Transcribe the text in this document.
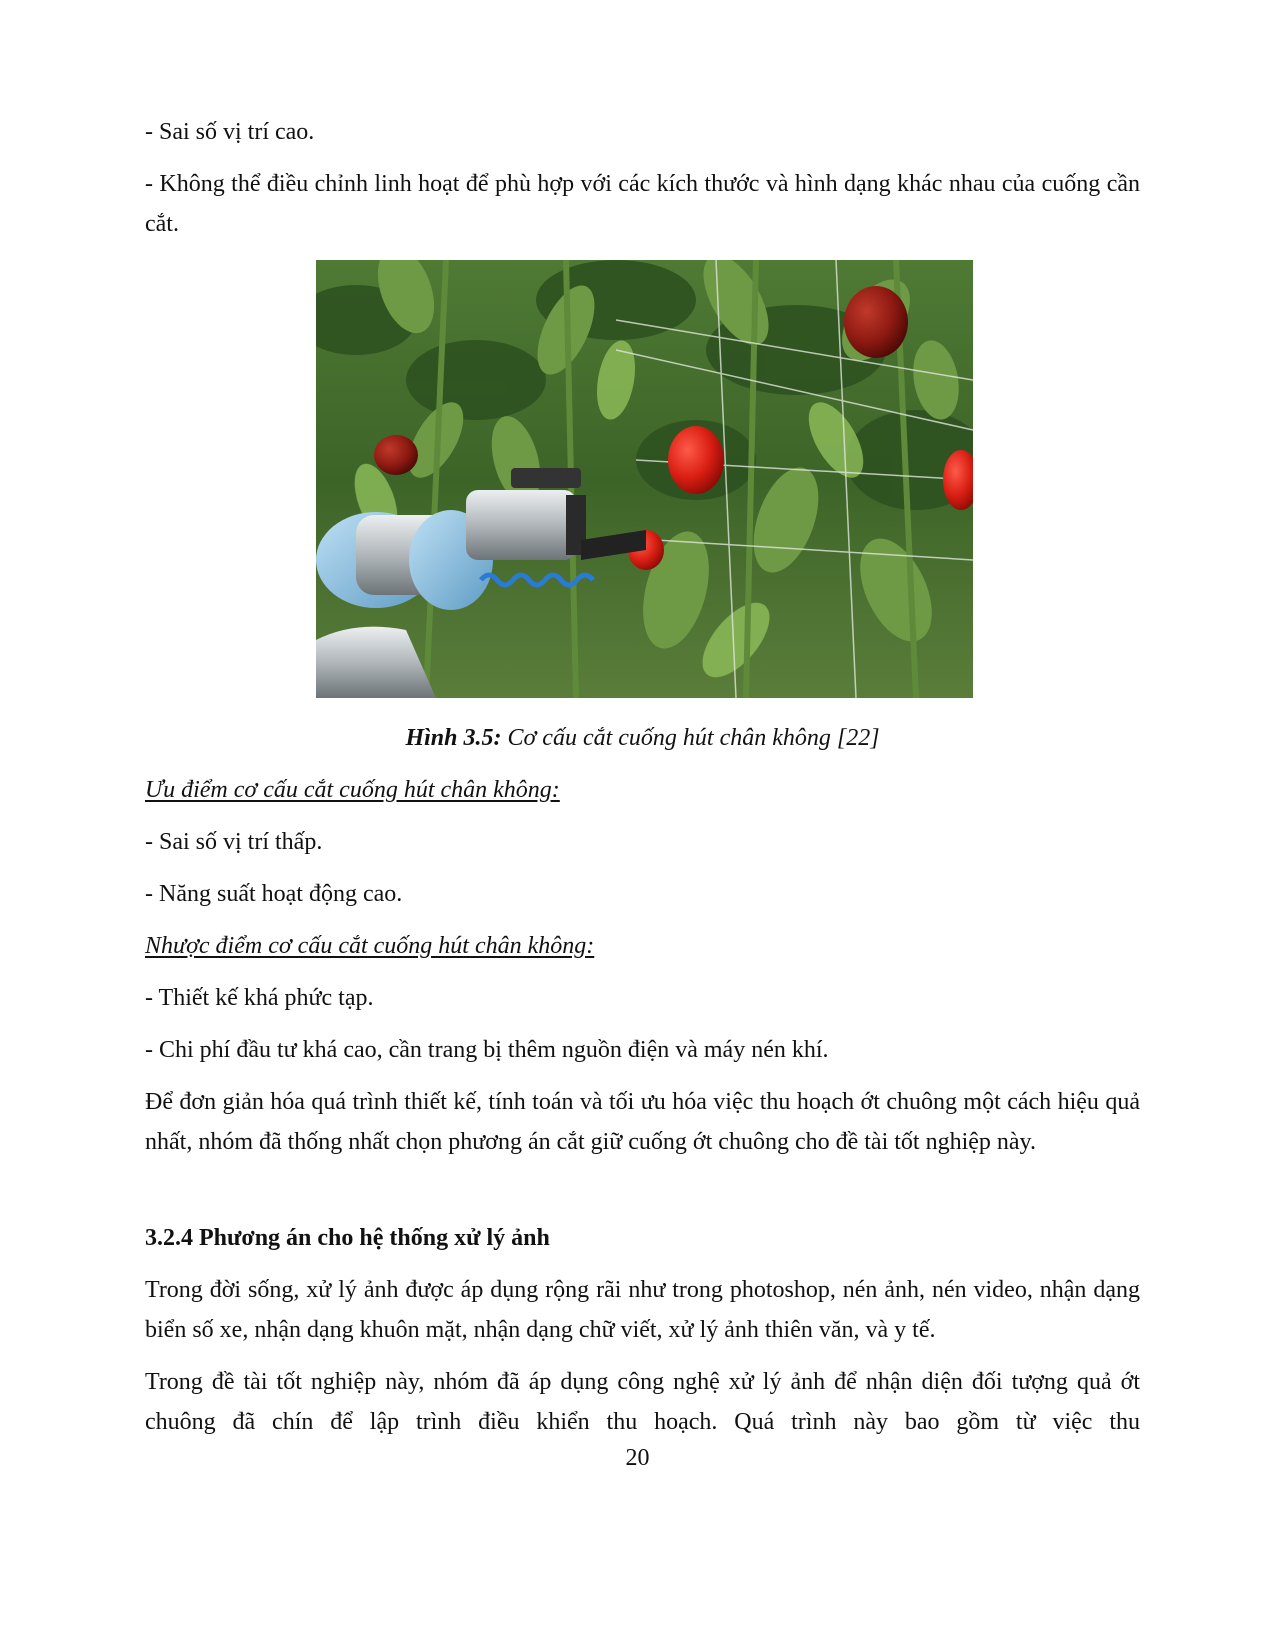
- Sai số vị trí cao.

- Không thể điều chỉnh linh hoạt để phù hợp với các kích thước và hình dạng khác nhau của cuống cần cắt.

Hình 3.5: Cơ cấu cắt cuống hút chân không [22]

Ưu điểm cơ cấu cắt cuống hút chân không:

- Sai số vị trí thấp.

- Năng suất hoạt động cao.

Nhược điểm cơ cấu cắt cuống hút chân không:

- Thiết kế khá phức tạp.

- Chi phí đầu tư khá cao, cần trang bị thêm nguồn điện và máy nén khí.

Để đơn giản hóa quá trình thiết kế, tính toán và tối ưu hóa việc thu hoạch ớt chuông một cách hiệu quả nhất, nhóm đã thống nhất chọn phương án cắt giữ cuống ớt chuông cho đề tài tốt nghiệp này.

3.2.4 Phương án cho hệ thống xử lý ảnh

Trong đời sống, xử lý ảnh được áp dụng rộng rãi như trong photoshop, nén ảnh, nén video, nhận dạng biển số xe, nhận dạng khuôn mặt, nhận dạng chữ viết, xử lý ảnh thiên văn, và y tế.

Trong đề tài tốt nghiệp này, nhóm đã áp dụng công nghệ xử lý ảnh để nhận diện đối tượng quả ớt chuông đã chín để lập trình điều khiển thu hoạch. Quá trình này bao gồm từ việc thu

20
